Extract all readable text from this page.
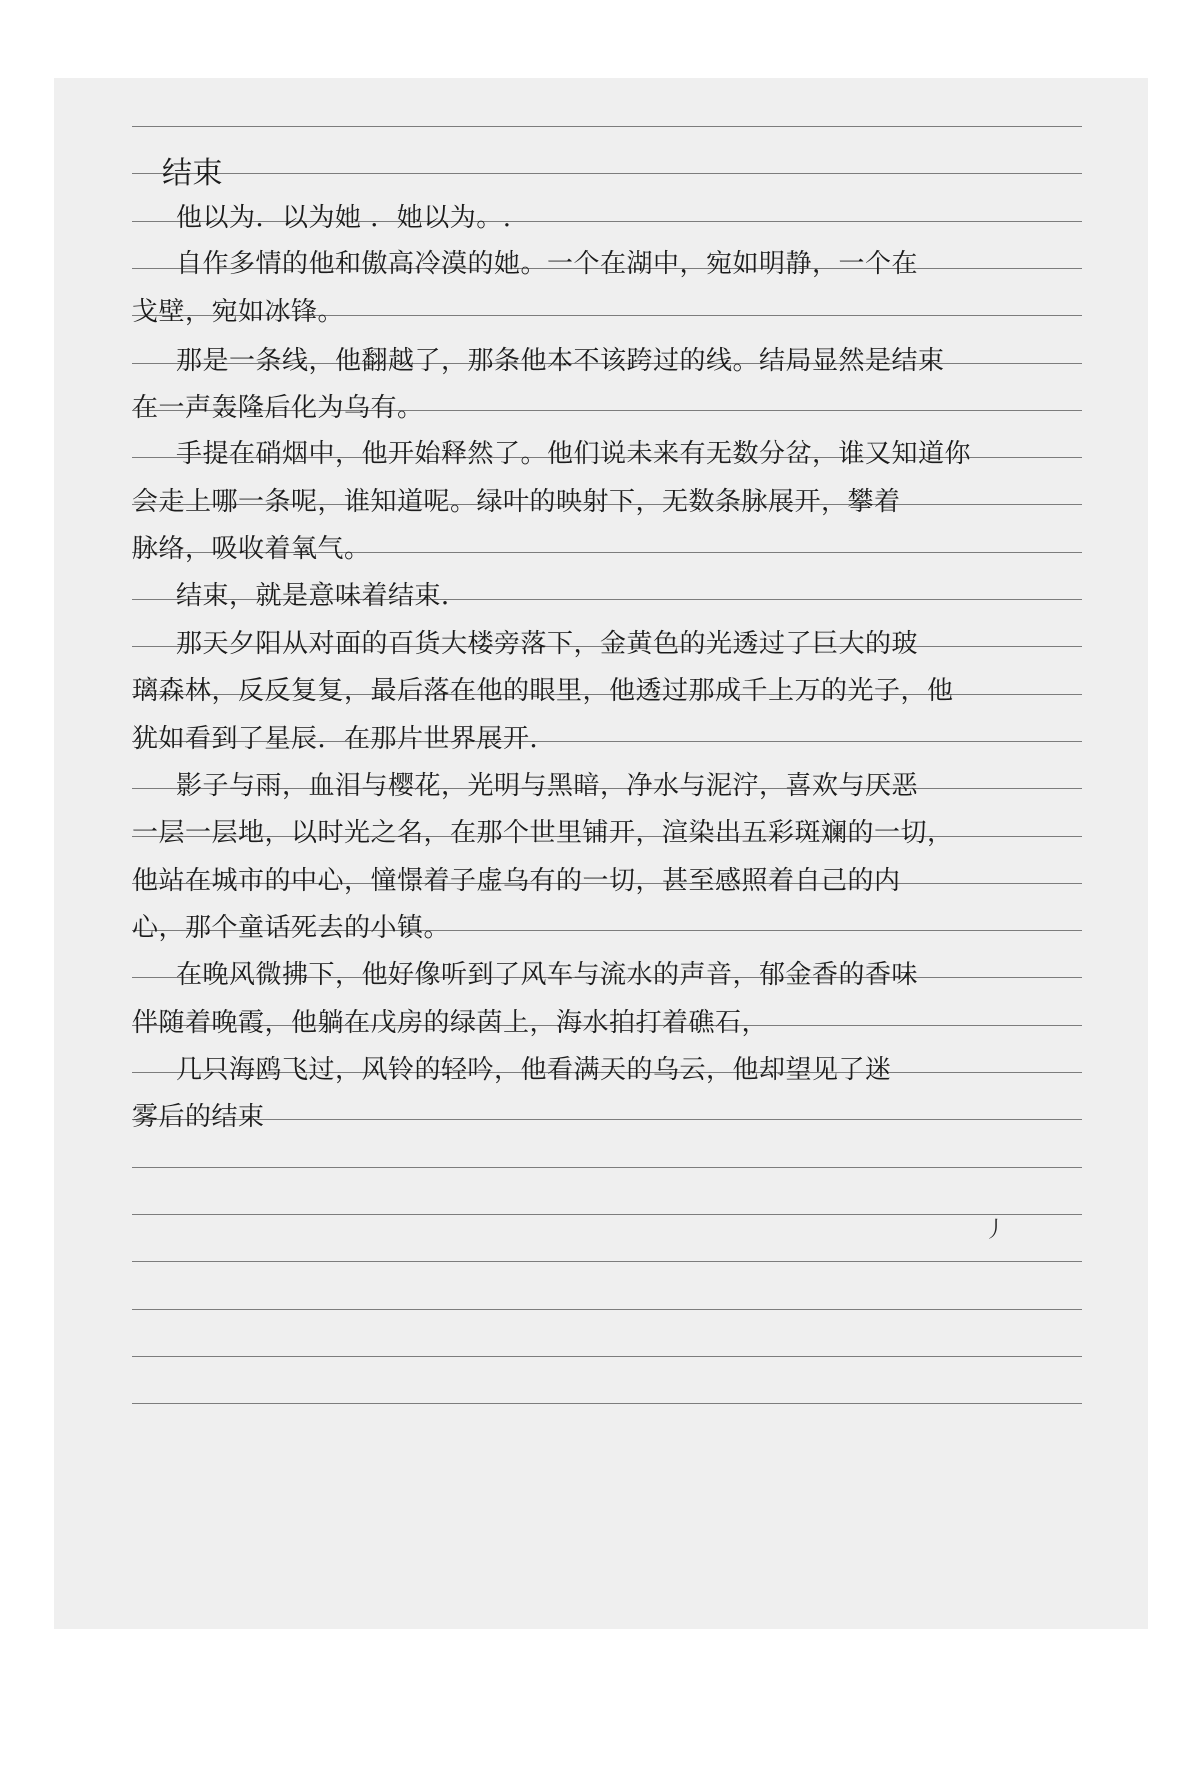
结束

他以为．以为她 ．她以为。.

自作多情的他和傲高冷漠的她。一个在湖中，宛如明静，一个在

戈壁，宛如冰锋。

那是一条线，他翻越了，那条他本不该跨过的线。结局显然是结束

在一声轰隆后化为乌有。

手提在硝烟中，他开始释然了。他们说未来有无数分岔，谁又知道你

会走上哪一条呢，谁知道呢。绿叶的映射下，无数条脉展开，攀着

脉络，吸收着氧气。

结束，就是意味着结束．

那天夕阳从对面的百货大楼旁落下，金黄色的光透过了巨大的玻

璃森林，反反复复，最后落在他的眼里，他透过那成千上万的光子，他

犹如看到了星辰．在那片世界展开．

影子与雨，血泪与樱花，光明与黑暗，净水与泥泞，喜欢与厌恶

一层一层地，以时光之名，在那个世里铺开，渲染出五彩斑斓的一切，

他站在城市的中心，憧憬着子虚乌有的一切，甚至感照着自己的内

心，那个童话死去的小镇。

在晚风微拂下，他好像听到了风车与流水的声音，郁金香的香味

伴随着晚霞，他躺在戊房的绿茵上，海水拍打着礁石，

几只海鸥飞过，风铃的轻吟，他看满天的乌云，他却望见了迷

雾后的结束

丿
